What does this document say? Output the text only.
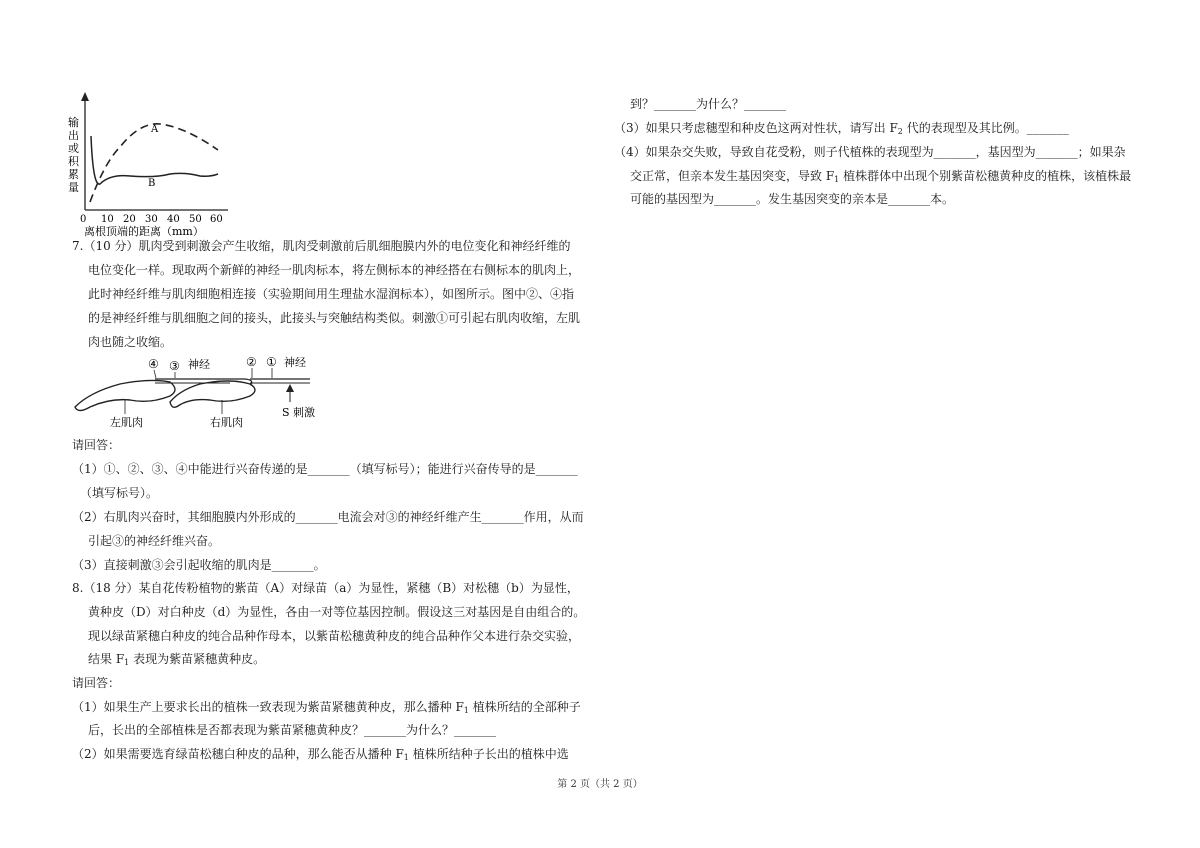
输
出
或
积
累
量
0 10 20 30 40 50 60
离根顶端的距离（mm）
A
B
7.（10 分）肌肉受到刺激会产生收缩，肌肉受刺激前后肌细胞膜内外的电位变化和神经纤维的
电位变化一样。现取两个新鲜的神经一肌肉标本，将左侧标本的神经搭在右侧标本的肌肉上，
此时神经纤维与肌肉细胞相连接（实验期间用生理盐水湿润标本），如图所示。图中②、④指
的是神经纤维与肌细胞之间的接头，此接头与突触结构类似。刺激①可引起右肌肉收缩，左肌
肉也随之收缩。
④ ③ 神经	② ① 神经
左肌肉	右肌肉
S 刺激
请回答：
（1）①、②、③、④中能进行兴奋传递的是_______（填写标号）；能进行兴奋传导的是_______
（填写标号）。
（2）右肌肉兴奋时，其细胞膜内外形成的_______电流会对③的神经纤维产生_______作用，从而
引起③的神经纤维兴奋。
（3）直接刺激③会引起收缩的肌肉是_______。
8.（18 分）某自花传粉植物的紫苗（A）对绿苗（a）为显性，紧穗（B）对松穗（b）为显性，
黄种皮（D）对白种皮（d）为显性，各由一对等位基因控制。假设这三对基因是自由组合的。
现以绿苗紧穗白种皮的纯合品种作母本，以紫苗松穗黄种皮的纯合品种作父本进行杂交实验，
结果 $F_1$ 表现为紫苗紧穗黄种皮。
请回答：
（1）如果生产上要求长出的植株一致表现为紫苗紧穗黄种皮，那么播种 $F_1$ 植株所结的全部种子
后，长出的全部植株是否都表现为紫苗紧穗黄种皮？_______为什么？_______
（2）如果需要选育绿苗松穗白种皮的品种，那么能否从播种 $F_1$ 植株所结种子长出的植株中选
到？_______为什么？_______
（3）如果只考虑穗型和种皮色这两对性状，请写出 $F_2$ 代的表现型及其比例。_______
（4）如果杂交失败，导致自花受粉，则子代植株的表现型为_______，基因型为_______；如果杂
交正常，但亲本发生基因突变，导致 $F_1$ 植株群体中出现个别紫苗松穗黄种皮的植株，该植株最
可能的基因型为_______。发生基因突变的亲本是_______本。
第 2 页（共 2 页）
